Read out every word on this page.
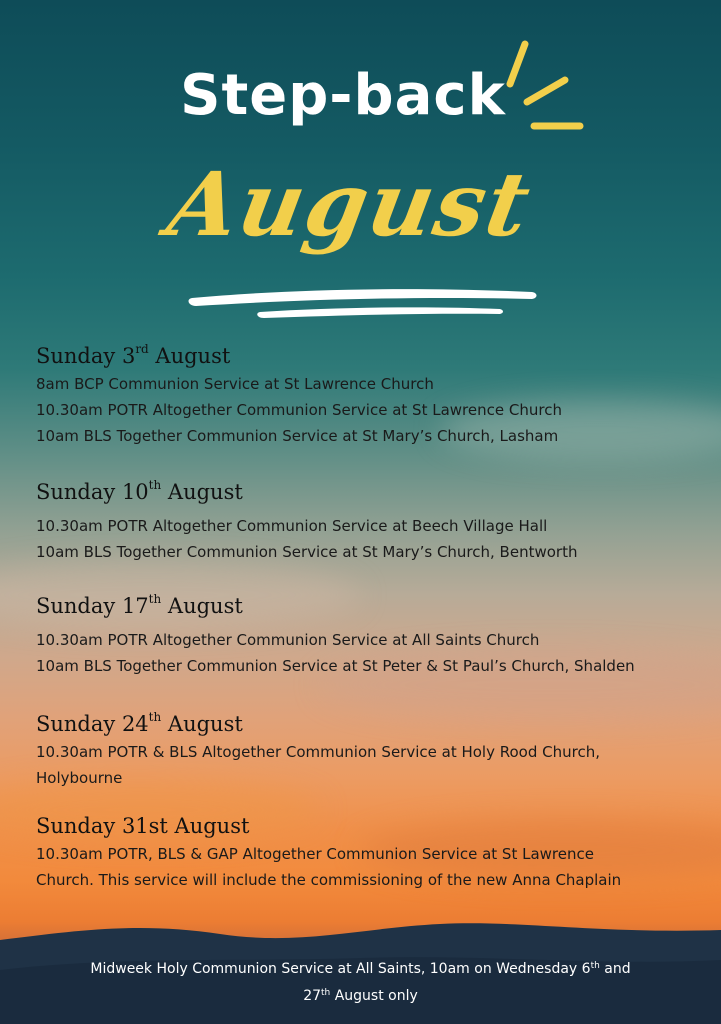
Step-back
August
Sunday 3rd August
8am BCP Communion Service at St Lawrence Church
10.30am POTR Altogether Communion Service at St Lawrence Church
10am BLS Together Communion Service at St Mary’s Church, Lasham
Sunday 10th August
10.30am POTR Altogether Communion Service at Beech Village Hall
10am BLS Together Communion Service at St Mary’s Church, Bentworth
Sunday 17th August
10.30am POTR Altogether Communion Service at All Saints Church
10am BLS Together Communion Service at St Peter & St Paul’s Church, Shalden
Sunday 24th August
10.30am POTR & BLS Altogether Communion Service at Holy Rood Church,
Holybourne
Sunday 31st August
10.30am POTR, BLS & GAP Altogether Communion Service at St Lawrence
Church. This service will include the commissioning of the new Anna Chaplain
Midweek Holy Communion Service at All Saints, 10am on Wednesday 6th and
27th August only
